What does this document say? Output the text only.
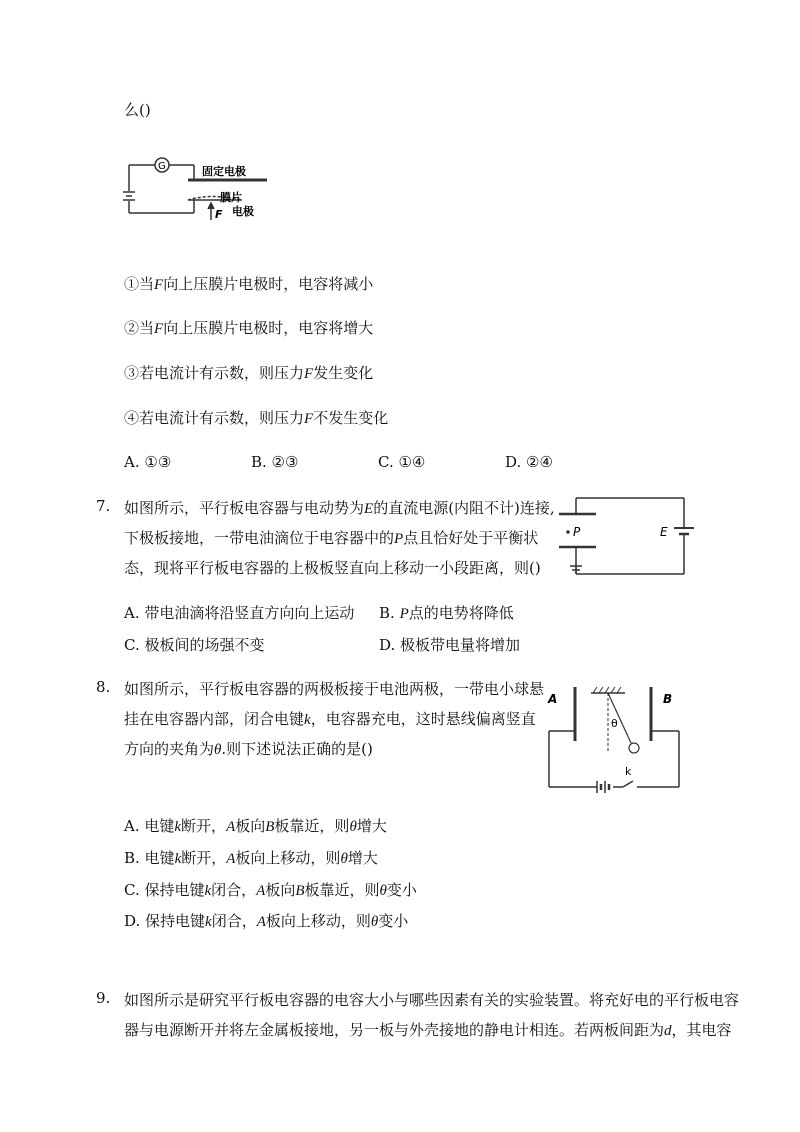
么()
G	固定电极
膜片
电极
F
①当F向上压膜片电极时，电容将减小
②当F向上压膜片电极时，电容将增大
③若电流计有示数，则压力F发生变化
④若电流计有示数，则压力F不发生变化
A. ①③	B. ②③	C. ①④	D. ②④
7. 如图所示，平行板电容器与电动势为E的直流电源(内阻不计)连接,
下极板接地，一带电油滴位于电容器中的P点且恰好处于平衡状
态，现将平行板电容器的上极板竖直向上移动一小段距离，则()
P	E
A. 带电油滴将沿竖直方向向上运动 B. P点的电势将降低
C. 极板间的场强不变	D. 极板带电量将增加
8. 如图所示，平行板电容器的两极板接于电池两极，一带电小球悬
挂在电容器内部，闭合电键k，电容器充电，这时悬线偏离竖直
方向的夹角为θ.则下述说法正确的是()
A	B
θ
k
A. 电键k断开，A板向B板靠近，则θ增大
B. 电键k断开，A板向上移动，则θ增大
C. 保持电键k闭合，A板向B板靠近，则θ变小
D. 保持电键k闭合，A板向上移动，则θ变小
9. 如图所示是研究平行板电容器的电容大小与哪些因素有关的实验装置。将充好电的平行板电容
器与电源断开并将左金属板接地，另一板与外壳接地的静电计相连。若两板间距为d，其电容
